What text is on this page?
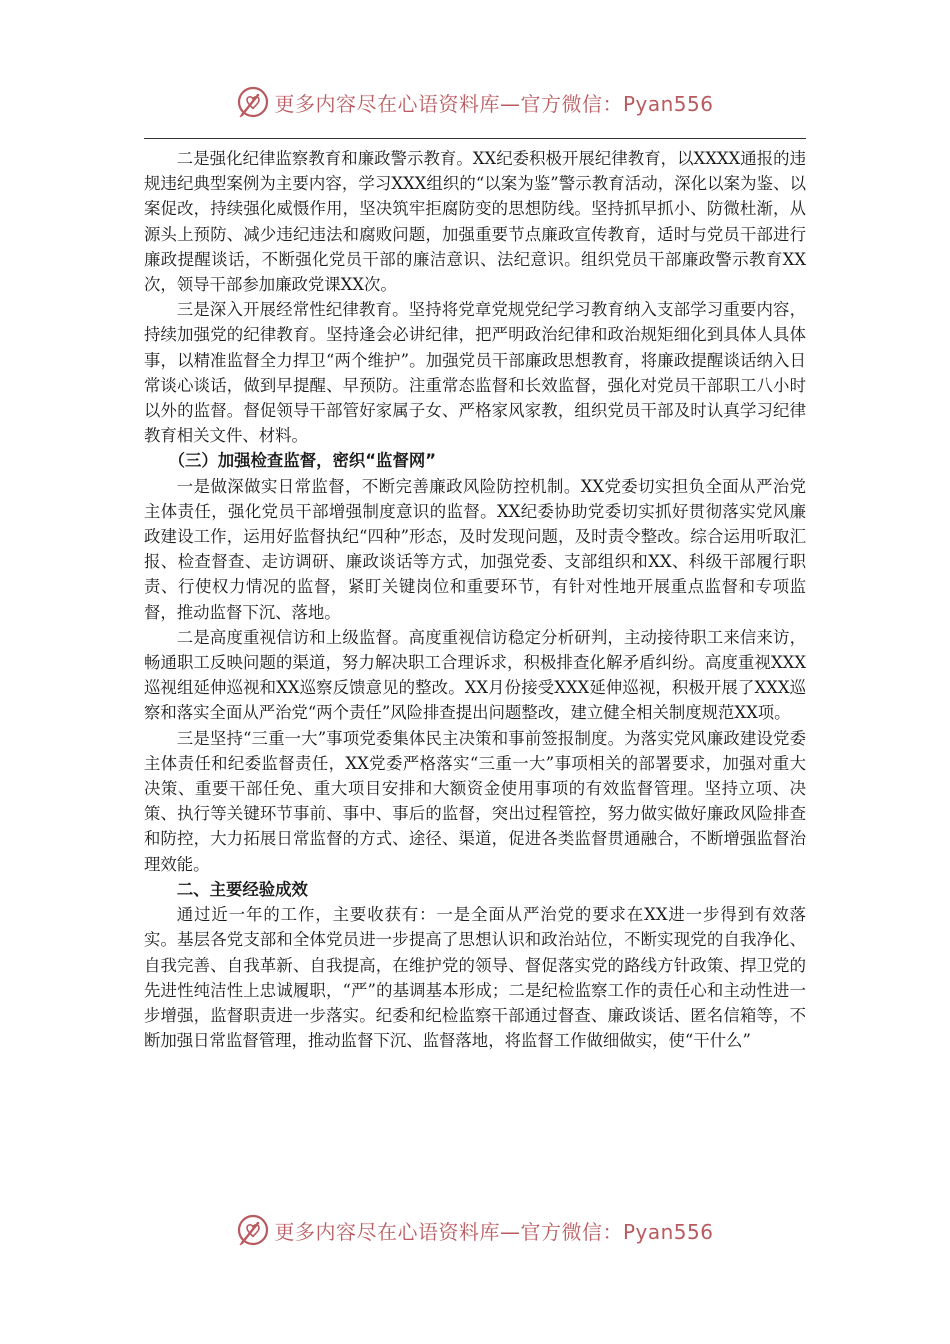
更多内容尽在心语资料库—官方微信：Pyan556

二是强化纪律监察教育和廉政警示教育。XX纪委积极开展纪律教育，以XXXX通报的违规违纪典型案例为主要内容，学习XXX组织的“以案为鉴”警示教育活动，深化以案为鉴、以案促改，持续强化威慑作用，坚决筑牢拒腐防变的思想防线。坚持抓早抓小、防微杜渐，从源头上预防、减少违纪违法和腐败问题，加强重要节点廉政宣传教育，适时与党员干部进行廉政提醒谈话，不断强化党员干部的廉洁意识、法纪意识。组织党员干部廉政警示教育XX次，领导干部参加廉政党课XX次。

三是深入开展经常性纪律教育。坚持将党章党规党纪学习教育纳入支部学习重要内容，持续加强党的纪律教育。坚持逢会必讲纪律，把严明政治纪律和政治规矩细化到具体人具体事，以精准监督全力捍卫“两个维护”。加强党员干部廉政思想教育，将廉政提醒谈话纳入日常谈心谈话，做到早提醒、早预防。注重常态监督和长效监督，强化对党员干部职工八小时以外的监督。督促领导干部管好家属子女、严格家风家教，组织党员干部及时认真学习纪律教育相关文件、材料。

（三）加强检查监督，密织“监督网”

一是做深做实日常监督，不断完善廉政风险防控机制。XX党委切实担负全面从严治党主体责任，强化党员干部增强制度意识的监督。XX纪委协助党委切实抓好贯彻落实党风廉政建设工作，运用好监督执纪“四种”形态，及时发现问题，及时责令整改。综合运用听取汇报、检查督查、走访调研、廉政谈话等方式，加强党委、支部组织和XX、科级干部履行职责、行使权力情况的监督，紧盯关键岗位和重要环节，有针对性地开展重点监督和专项监督，推动监督下沉、落地。

二是高度重视信访和上级监督。高度重视信访稳定分析研判，主动接待职工来信来访，畅通职工反映问题的渠道，努力解决职工合理诉求，积极排查化解矛盾纠纷。高度重视XXX巡视组延伸巡视和XX巡察反馈意见的整改。XX月份接受XXX延伸巡视，积极开展了XXX巡察和落实全面从严治党“两个责任”风险排查提出问题整改，建立健全相关制度规范XX项。

三是坚持“三重一大”事项党委集体民主决策和事前签报制度。为落实党风廉政建设党委主体责任和纪委监督责任，XX党委严格落实“三重一大”事项相关的部署要求，加强对重大决策、重要干部任免、重大项目安排和大额资金使用事项的有效监督管理。坚持立项、决策、执行等关键环节事前、事中、事后的监督，突出过程管控，努力做实做好廉政风险排查和防控，大力拓展日常监督的方式、途径、渠道，促进各类监督贯通融合，不断增强监督治理效能。

二、主要经验成效

通过近一年的工作，主要收获有：一是全面从严治党的要求在XX进一步得到有效落实。基层各党支部和全体党员进一步提高了思想认识和政治站位，不断实现党的自我净化、自我完善、自我革新、自我提高，在维护党的领导、督促落实党的路线方针政策、捍卫党的先进性纯洁性上忠诚履职，“严”的基调基本形成；二是纪检监察工作的责任心和主动性进一步增强，监督职责进一步落实。纪委和纪检监察干部通过督查、廉政谈话、匿名信箱等，不断加强日常监督管理，推动监督下沉、监督落地，将监督工作做细做实，使“干什么”

更多内容尽在心语资料库—官方微信：Pyan556
